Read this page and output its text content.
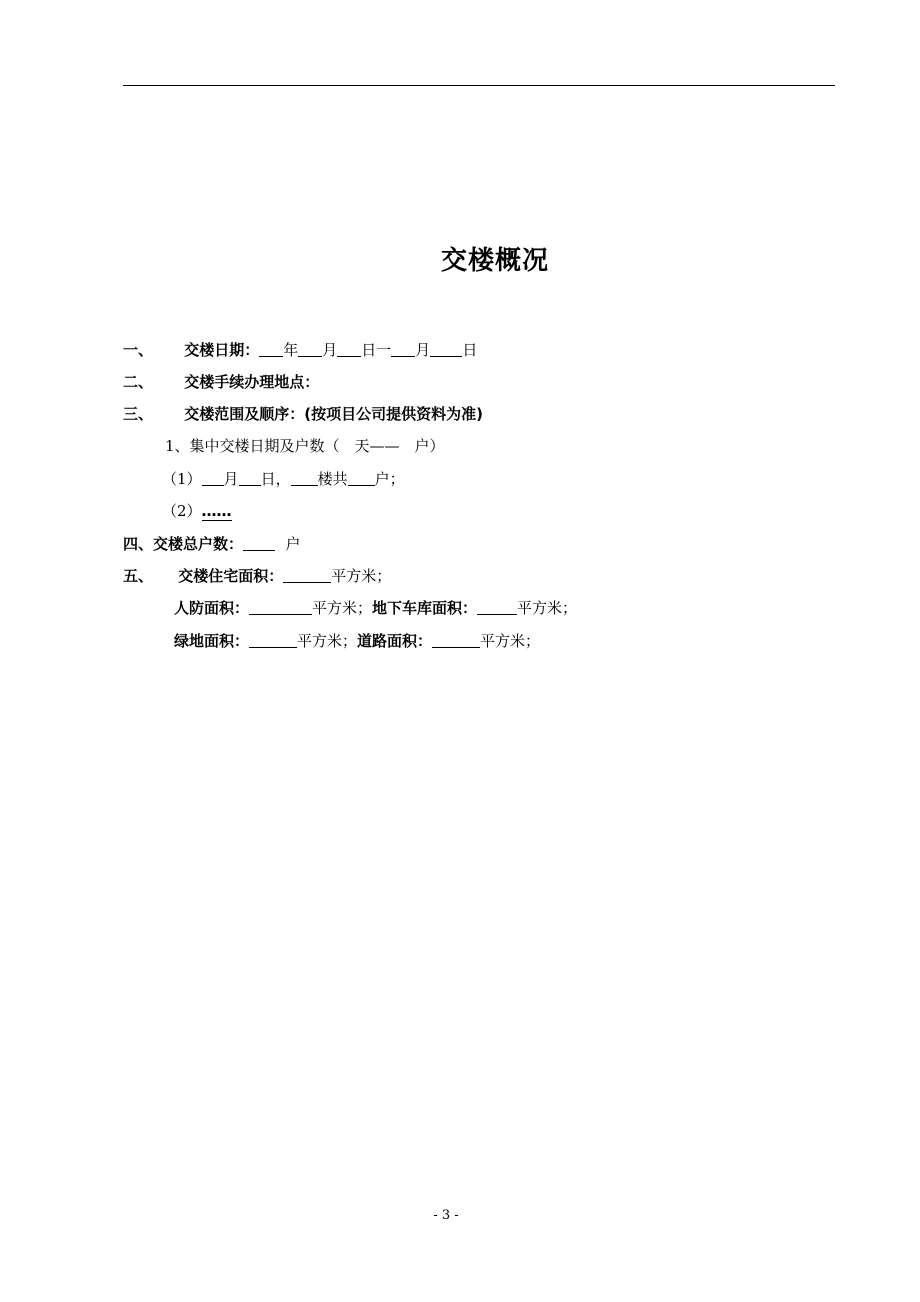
交楼概况
一、 交楼日期： 年 月 日一 月 日
二、 交楼手续办理地点：
三、 交楼范围及顺序：(按项目公司提供资料为准)
1、集中交楼日期及户数（　天——　户）
（1） 月 日， 楼共 户；
（2）……
四、交楼总户数：	户
五、 交楼住宅面积：	平方米；
人防面积：	平方米；地下车库面积：	平方米；
绿地面积：	平方米；道路面积：	平方米；
- 3 -
